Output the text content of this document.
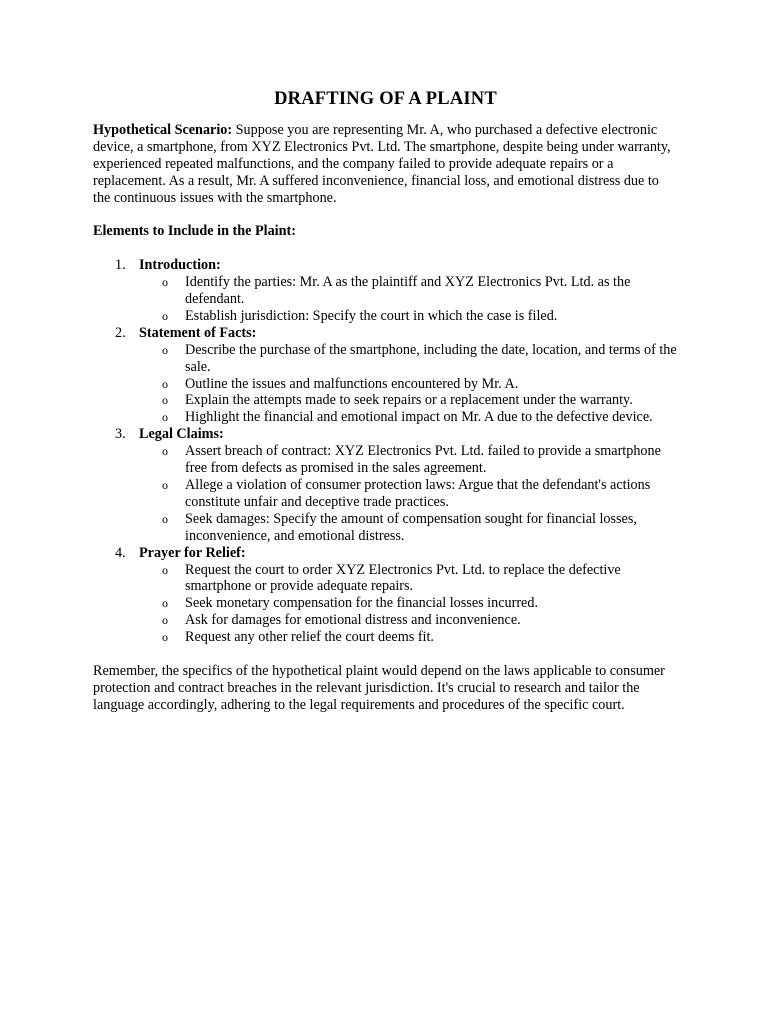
DRAFTING OF A PLAINT

Hypothetical Scenario: Suppose you are representing Mr. A, who purchased a defective electronic device, a smartphone, from XYZ Electronics Pvt. Ltd. The smartphone, despite being under warranty, experienced repeated malfunctions, and the company failed to provide adequate repairs or a replacement. As a result, Mr. A suffered inconvenience, financial loss, and emotional distress due to the continuous issues with the smartphone.

Elements to Include in the Plaint:

1. Introduction:
o Identify the parties: Mr. A as the plaintiff and XYZ Electronics Pvt. Ltd. as the defendant.
o Establish jurisdiction: Specify the court in which the case is filed.
2. Statement of Facts:
o Describe the purchase of the smartphone, including the date, location, and terms of the sale.
o Outline the issues and malfunctions encountered by Mr. A.
o Explain the attempts made to seek repairs or a replacement under the warranty.
o Highlight the financial and emotional impact on Mr. A due to the defective device.
3. Legal Claims:
o Assert breach of contract: XYZ Electronics Pvt. Ltd. failed to provide a smartphone free from defects as promised in the sales agreement.
o Allege a violation of consumer protection laws: Argue that the defendant's actions constitute unfair and deceptive trade practices.
o Seek damages: Specify the amount of compensation sought for financial losses, inconvenience, and emotional distress.
4. Prayer for Relief:
o Request the court to order XYZ Electronics Pvt. Ltd. to replace the defective smartphone or provide adequate repairs.
o Seek monetary compensation for the financial losses incurred.
o Ask for damages for emotional distress and inconvenience.
o Request any other relief the court deems fit.

Remember, the specifics of the hypothetical plaint would depend on the laws applicable to consumer protection and contract breaches in the relevant jurisdiction. It's crucial to research and tailor the language accordingly, adhering to the legal requirements and procedures of the specific court.
